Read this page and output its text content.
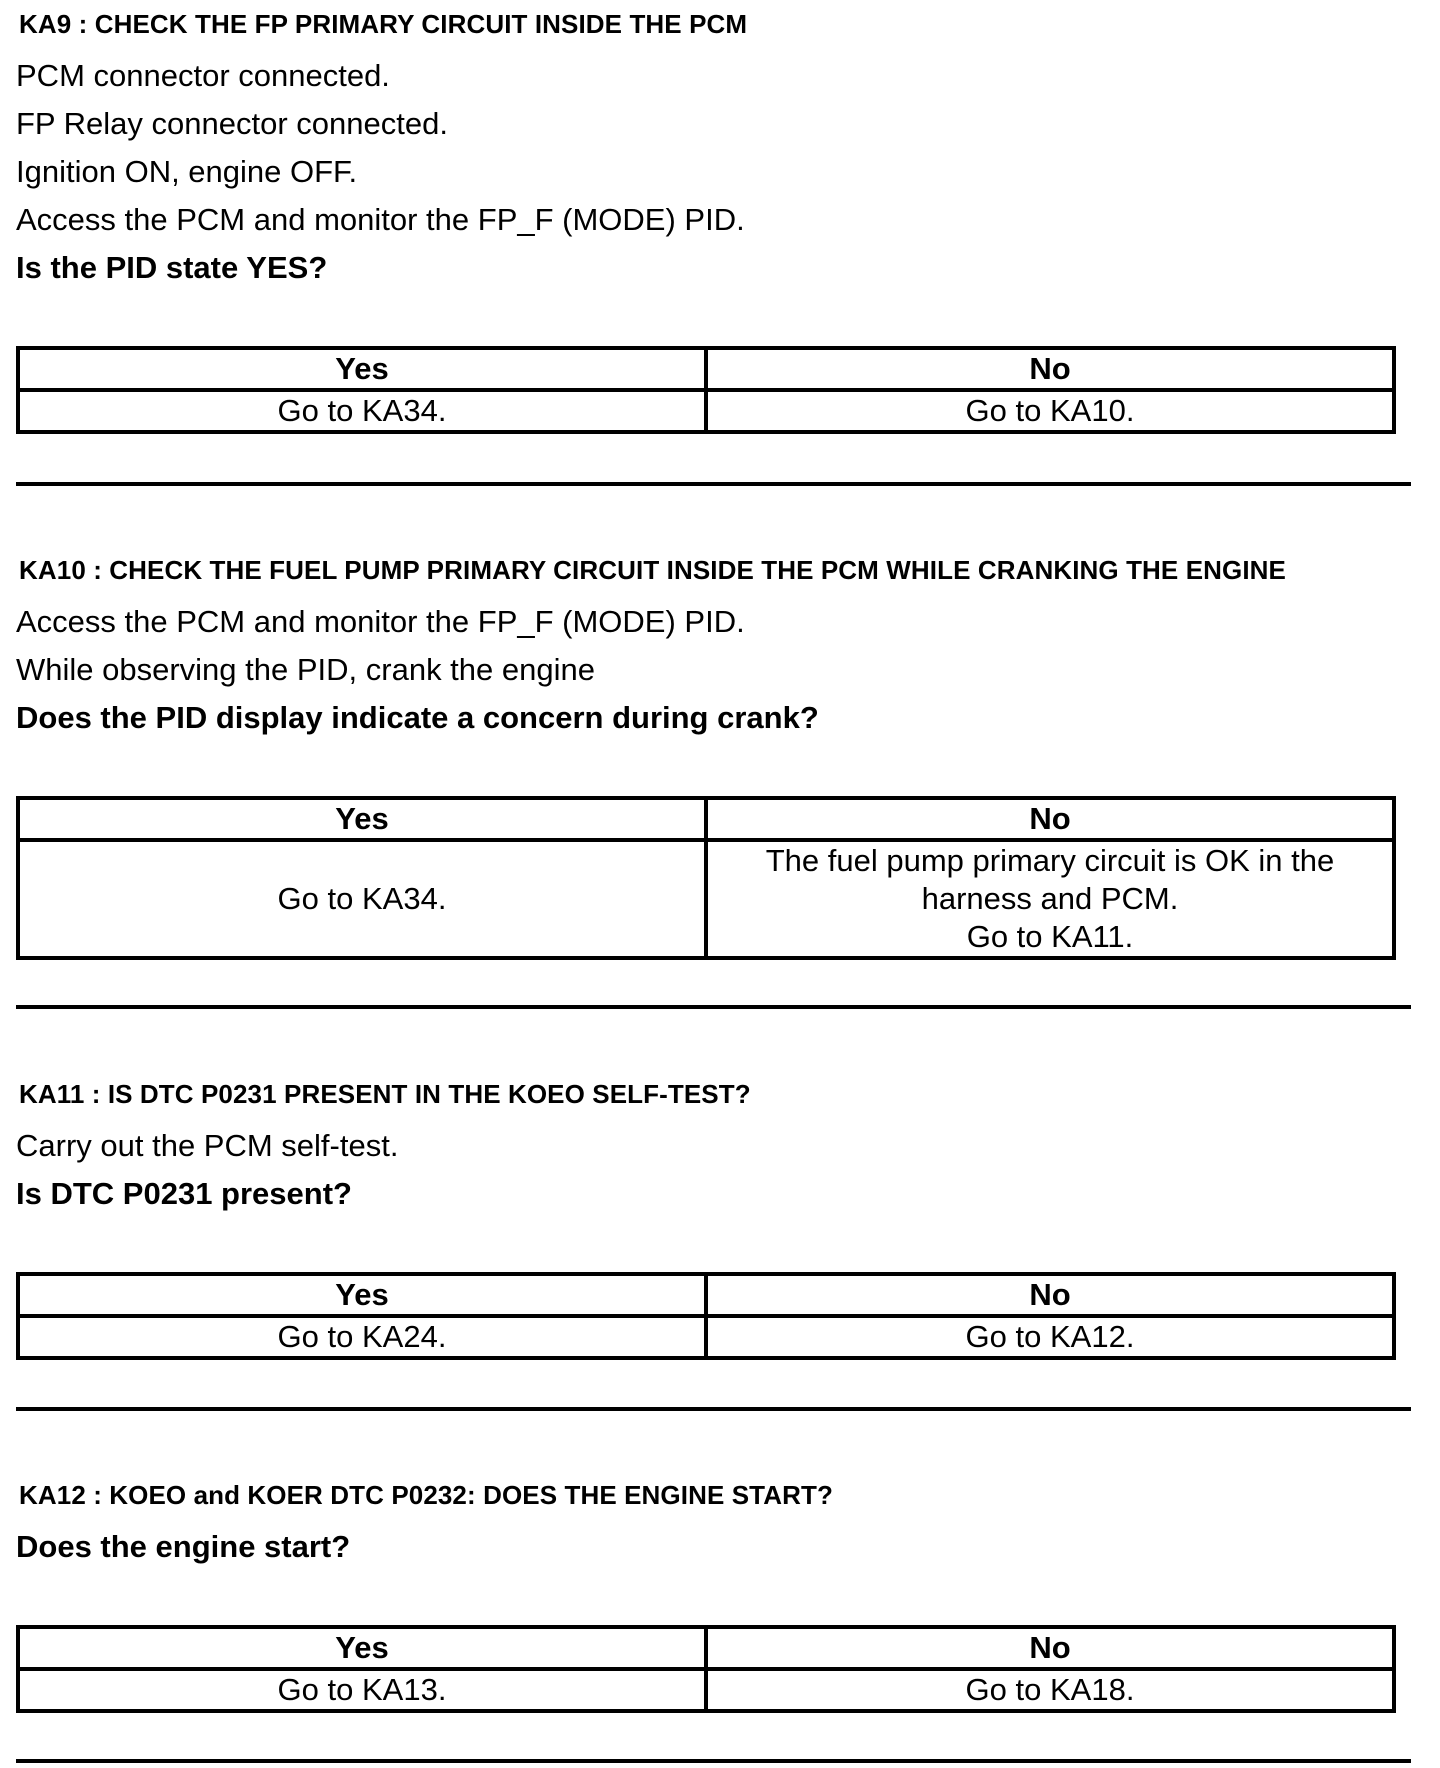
KA9 : CHECK THE FP PRIMARY CIRCUIT INSIDE THE PCM

PCM connector connected.

FP Relay connector connected.

Ignition ON, engine OFF.

Access the PCM and monitor the FP_F (MODE) PID.

Is the PID state YES?

Yes	No
Go to KA34.	Go to KA10.

KA10 : CHECK THE FUEL PUMP PRIMARY CIRCUIT INSIDE THE PCM WHILE CRANKING THE ENGINE

Access the PCM and monitor the FP_F (MODE) PID.

While observing the PID, crank the engine

Does the PID display indicate a concern during crank?

Yes	No
Go to KA34.	The fuel pump primary circuit is OK in the
harness and PCM.
Go to KA11.

KA11 : IS DTC P0231 PRESENT IN THE KOEO SELF-TEST?

Carry out the PCM self-test.

Is DTC P0231 present?

Yes	No
Go to KA24.	Go to KA12.

KA12 : KOEO and KOER DTC P0232: DOES THE ENGINE START?

Does the engine start?

Yes	No
Go to KA13.	Go to KA18.
